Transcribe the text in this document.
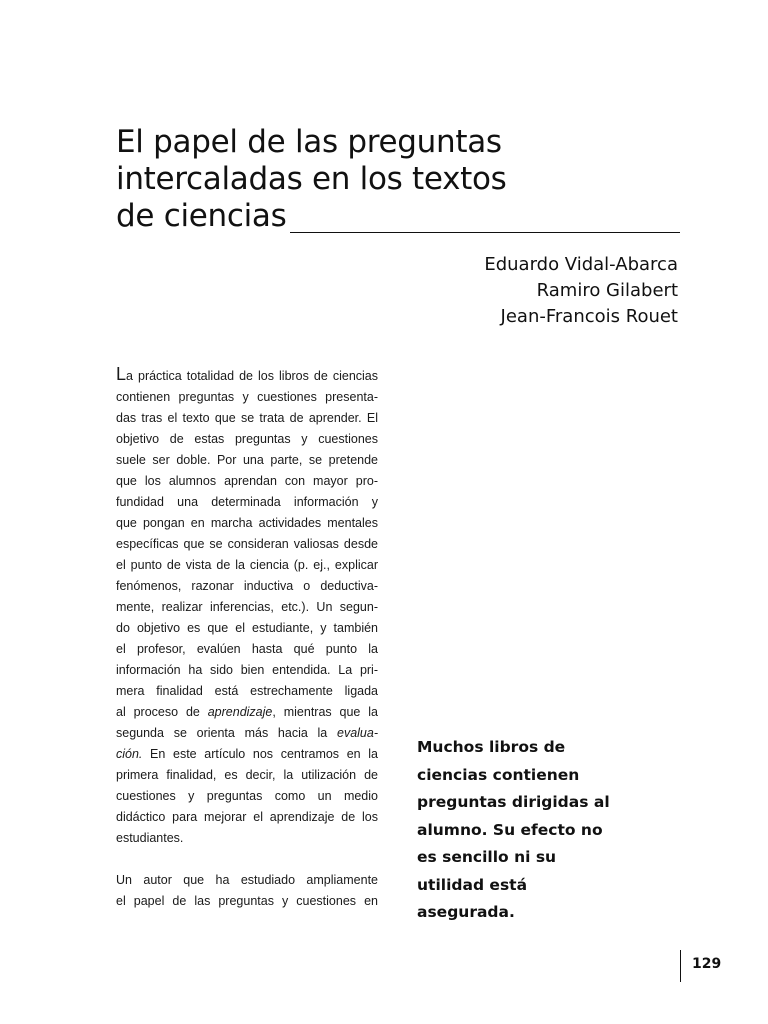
El papel de las preguntas
intercaladas en los textos
de ciencias
Eduardo Vidal-Abarca
Ramiro Gilabert
Jean-Francois Rouet
La práctica totalidad de los libros de ciencias
contienen preguntas y cuestiones presenta-
das tras el texto que se trata de aprender. El
objetivo de estas preguntas y cuestiones
suele ser doble. Por una parte, se pretende
que los alumnos aprendan con mayor pro-
fundidad una determinada información y
que pongan en marcha actividades mentales
específicas que se consideran valiosas desde
el punto de vista de la ciencia (p. ej., explicar
fenómenos, razonar inductiva o deductiva-
mente, realizar inferencias, etc.). Un segun-
do objetivo es que el estudiante, y también
el profesor, evalúen hasta qué punto la
información ha sido bien entendida. La pri-
mera finalidad está estrechamente ligada
al proceso de aprendizaje, mientras que la
segunda se orienta más hacia la evalua-
ción. En este artículo nos centramos en la
primera finalidad, es decir, la utilización de
cuestiones y preguntas como un medio
didáctico para mejorar el aprendizaje de los
estudiantes.
Un autor que ha estudiado ampliamente
el papel de las preguntas y cuestiones en
Muchos libros de
ciencias contienen
preguntas dirigidas al
alumno. Su efecto no
es sencillo ni su
utilidad está
asegurada.
129
